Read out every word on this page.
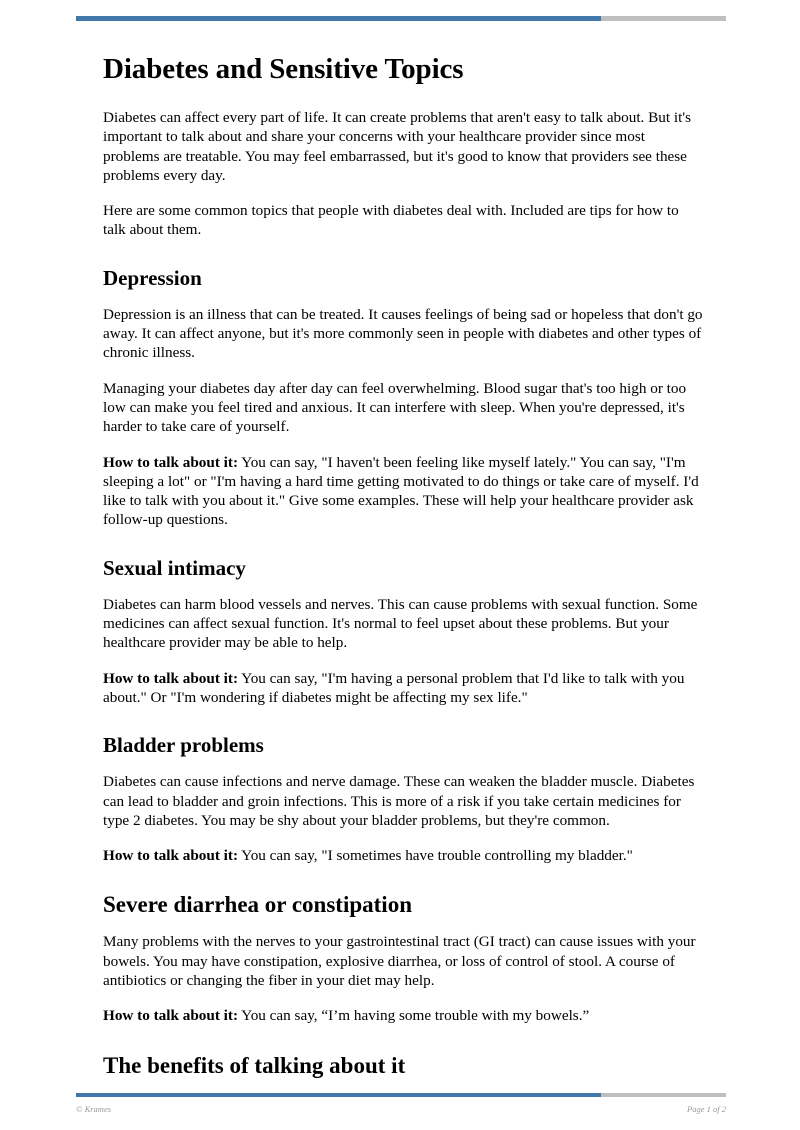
Diabetes and Sensitive Topics

Diabetes can affect every part of life. It can create problems that aren't easy to talk about. But it's important to talk about and share your concerns with your healthcare provider since most problems are treatable. You may feel embarrassed, but it's good to know that providers see these problems every day.

Here are some common topics that people with diabetes deal with. Included are tips for how to talk about them.

Depression

Depression is an illness that can be treated. It causes feelings of being sad or hopeless that don't go away. It can affect anyone, but it's more commonly seen in people with diabetes and other types of chronic illness.

Managing your diabetes day after day can feel overwhelming. Blood sugar that's too high or too low can make you feel tired and anxious. It can interfere with sleep. When you're depressed, it's harder to take care of yourself.

How to talk about it: You can say, "I haven't been feeling like myself lately." You can say, "I'm sleeping a lot" or "I'm having a hard time getting motivated to do things or take care of myself. I'd like to talk with you about it." Give some examples. These will help your healthcare provider ask follow-up questions.

Sexual intimacy

Diabetes can harm blood vessels and nerves. This can cause problems with sexual function. Some medicines can affect sexual function. It's normal to feel upset about these problems. But your healthcare provider may be able to help.

How to talk about it: You can say, "I'm having a personal problem that I'd like to talk with you about." Or "I'm wondering if diabetes might be affecting my sex life."

Bladder problems

Diabetes can cause infections and nerve damage. These can weaken the bladder muscle. Diabetes can lead to bladder and groin infections. This is more of a risk if you take certain medicines for type 2 diabetes. You may be shy about your bladder problems, but they're common.

How to talk about it: You can say, "I sometimes have trouble controlling my bladder."

Severe diarrhea or constipation

Many problems with the nerves to your gastrointestinal tract (GI tract) can cause issues with your bowels. You may have constipation, explosive diarrhea, or loss of control of stool. A course of antibiotics or changing the fiber in your diet may help.

How to talk about it: You can say, “I’m having some trouble with my bowels.”

The benefits of talking about it
© Krames	Page 1 of 2
